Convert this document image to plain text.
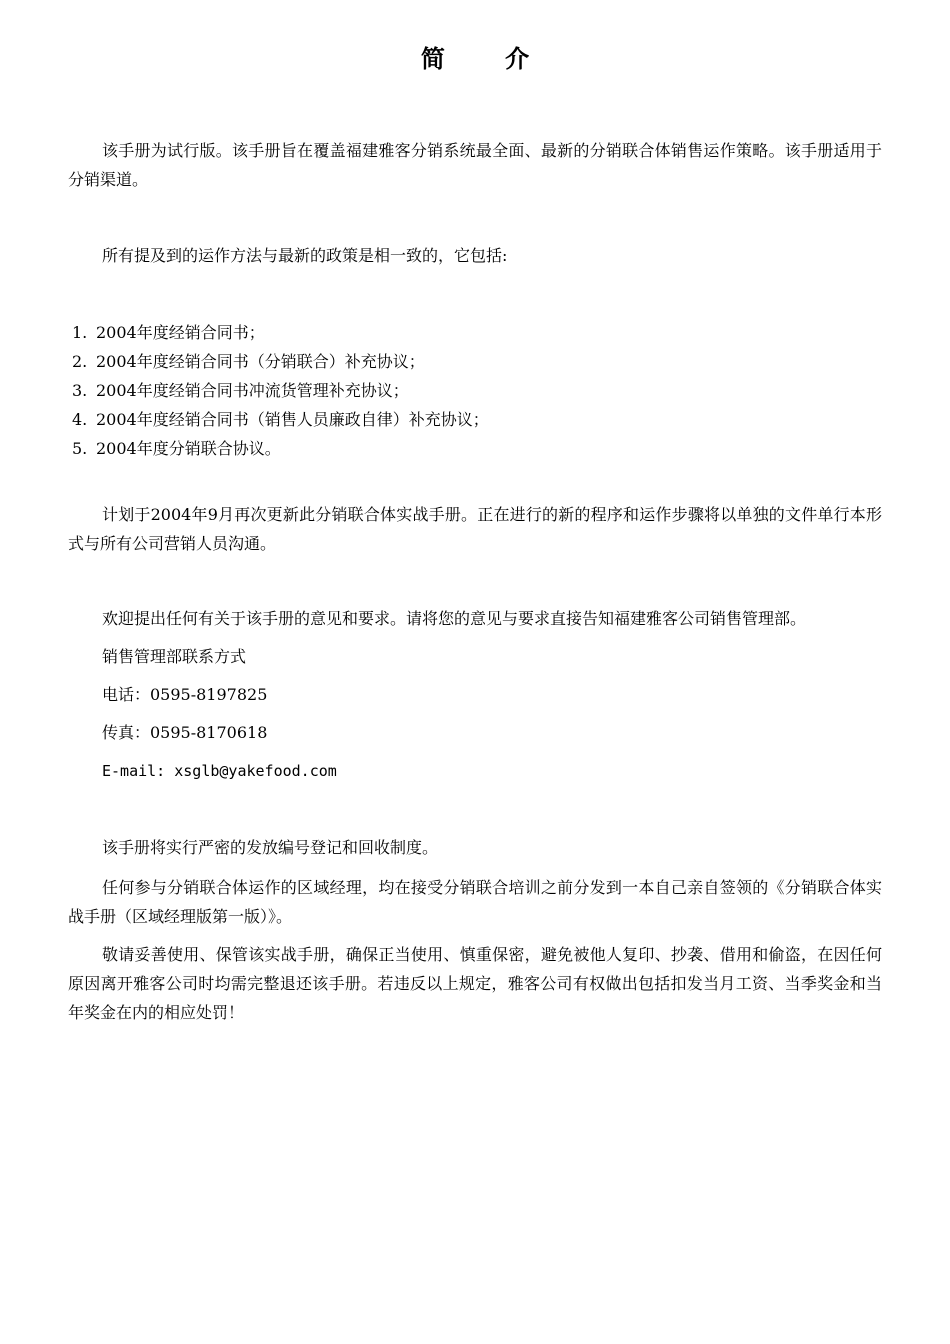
简 介

该手册为试行版。该手册旨在覆盖福建雅客分销系统最全面、最新的分销联合体销售运作策略。该手册适用于分销渠道。

所有提及到的运作方法与最新的政策是相一致的，它包括:

1. 2004年度经销合同书；
2. 2004年度经销合同书（分销联合）补充协议；
3. 2004年度经销合同书冲流货管理补充协议；
4. 2004年度经销合同书（销售人员廉政自律）补充协议；
5. 2004年度分销联合协议。

计划于2004年9月再次更新此分销联合体实战手册。正在进行的新的程序和运作步骤将以单独的文件单行本形式与所有公司营销人员沟通。

欢迎提出任何有关于该手册的意见和要求。请将您的意见与要求直接告知福建雅客公司销售管理部。

销售管理部联系方式

电话：0595-8197825

传真：0595-8170618

E-mail: xsglb@yakefood.com

该手册将实行严密的发放编号登记和回收制度。

任何参与分销联合体运作的区域经理，均在接受分销联合培训之前分发到一本自己亲自签领的《分销联合体实战手册（区域经理版第一版）》。

敬请妥善使用、保管该实战手册，确保正当使用、慎重保密，避免被他人复印、抄袭、借用和偷盗，在因任何原因离开雅客公司时均需完整退还该手册。若违反以上规定，雅客公司有权做出包括扣发当月工资、当季奖金和当年奖金在内的相应处罚！
